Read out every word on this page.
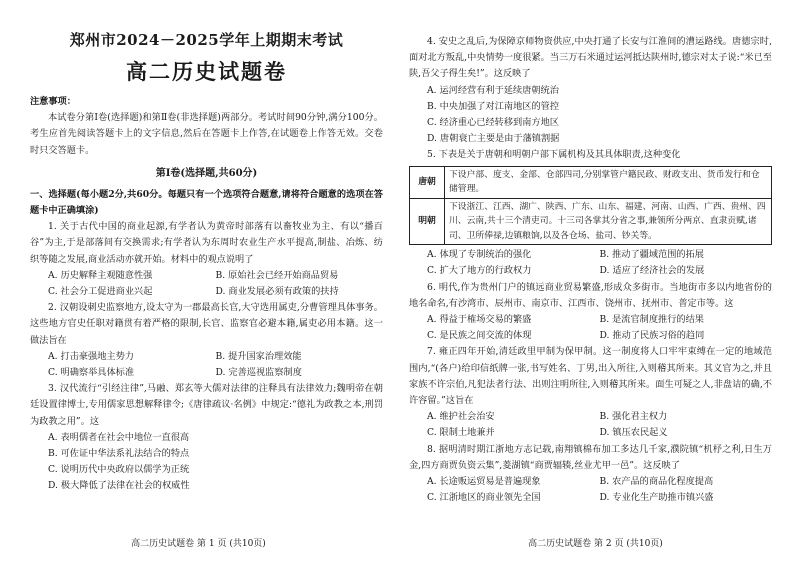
郑州市2024－2025学年上期期末考试

高二历史试题卷

注意事项：

本试卷分第Ⅰ卷(选择题)和第Ⅱ卷(非选择题)两部分。考试时间90分钟,满分100分。考生应首先阅读答题卡上的文字信息,然后在答题卡上作答,在试题卷上作答无效。交卷时只交答题卡。

第Ⅰ卷(选择题,共60分)

一、选择题(每小题2分,共60分。每题只有一个选项符合题意,请将符合题意的选项在答题卡中正确填涂)

1. 关于古代中国的商业起源,有学者认为黄帝时部落有以畜牧业为主、有以“播百谷”为主,于是部落间有交换需求;有学者认为东周时农业生产水平提高,制盐、冶炼、纺织等随之发展,商业活动亦就开始。材料中的观点说明了

A. 历史解释主观随意性强	B. 原始社会已经开始商品贸易
C. 社会分工促进商业兴起	D. 商业发展必须有政策的扶持

2. 汉朝设刺史监察地方,设太守为一郡最高长官,大守选用属吏,分曹管理具体事务。这些地方官史任职对籍贯有着严格的限制,长官、监察官必避本籍,属吏必用本籍。这一做法旨在

A. 打击豪强地主势力	B. 提升国家治理效能
C. 明确察举具体标准	D. 完善巡视监察制度

3. 汉代流行“引经注律”,马融、郑玄等大儒对法律的注释具有法律效力;魏明帝在朝廷设置律博士,专用儒家思想解释律令;《唐律疏议·名例》中规定:“德礼为政教之本,刑罚为政教之用”。这

A. 表明儒者在社会中地位一直很高

B. 可佐证中华法系礼法结合的特点

C. 说明历代中央政府以儒学为正统

D. 极大降低了法律在社会的权威性

高二历史试题卷 第 1 页 (共10页)

4. 安史之乱后,为保障京师物资供应,中央打通了长安与江淮间的漕运路线。唐德宗时,面对北方叛乱,中央情势一度很紧。当三万石米通过运河抵达陕州时,德宗对太子说:“米已至陕,吾父子得生矣!”。这反映了

A. 运河经营有利于延续唐朝统治

B. 中央加强了对江南地区的管控

C. 经济重心已经转移到南方地区

D. 唐朝衰亡主要是由于藩镇割据

5. 下表是关于唐朝和明朝户部下属机构及其具体职责,这种变化

唐朝	下设户部、度支、金部、仓部四司,分别掌管户籍民政、财政支出、货币发行和仓储管理。
明朝	下设浙江、江西、湖广、陕西、广东、山东、福建、河南、山西、广西、贵州、四川、云南,共十三个清吏司。十三司各掌其分省之事,兼领所分两京、直隶贡赋,诸司、卫所俸禄,边镇粮饷,以及各仓场、盐司、钞关等。
A. 体现了专制统治的强化	B. 推动了疆域范围的拓展
C. 扩大了地方的行政权力	D. 适应了经济社会的发展

6. 明代,作为贵州门户的镇远商业贸易繁盛,形成众多街市。当地街市多以内地省份的地名命名,有沙湾市、辰州市、南京市、江西市、饶州市、抚州市、普定市等。这

A. 得益于榷场交易的繁盛	B. 是流官制度推行的结果
C. 是民族之间交流的体现	D. 推动了民族习俗的趋同

7. 雍正四年开始,清廷政里甲制为保甲制。这一制度将人口牢牢束缚在一定的地域范围内,“(各户)给印信纸牌一张,书写姓名、丁男,出入所往,入则稽其所来。其义官为之,并且家族不许宗伯,凡犯法者行法、出则注明所往,入则稽其所来。面生可疑之人,非盘诘的确,不许容留。”这旨在

A. 维护社会治安	B. 强化君主权力
C. 限制土地兼并	D. 镇压农民起义

8. 据明清时期江浙地方志记载,南翔镇棉布加工多达几千家,濮院镇“机杼之利,日生万金,四方商贾负资云集”,菱湖镇“商贾辐辏,丝业尤甲一邑”。这反映了

A. 长途贩运贸易是普遍现象	B. 农产品的商品化程度提高
C. 江浙地区的商业领先全国	D. 专业化生产助推市镇兴盛
高二历史试题卷 第 2 页 (共10页)
